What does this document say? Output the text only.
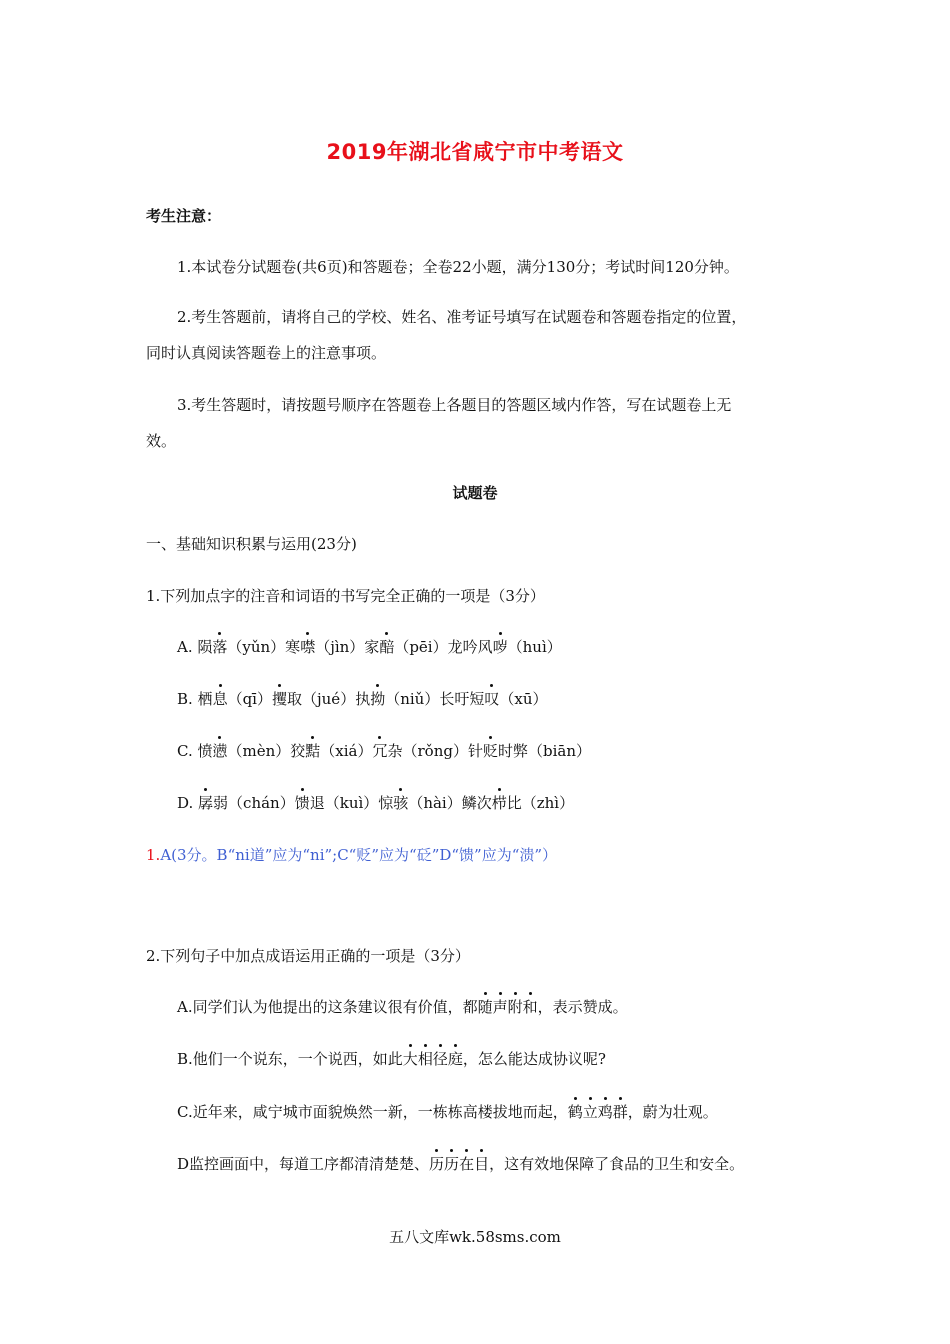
2019年湖北省咸宁市中考语文
考生注意：
1.本试卷分试题卷(共6页)和答题卷；全卷22小题，满分130分；考试时间120分钟。
2.考生答题前，请将自己的学校、姓名、准考证号填写在试题卷和答题卷指定的位置，
同时认真阅读答题卷上的注意事项。
3.考生答题时，请按题号顺序在答题卷上各题目的答题区域内作答，写在试题卷上无
效。
试题卷
一、基础知识积累与运用(23分)
1.下列加点字的注音和词语的书写完全正确的一项是（3分）
A. 陨落（yǔn）寒噤（jìn）家醅（pēi）龙吟风哕（huì）
B. 栖息（qī）攫取（jué）执拗（niǔ）长吁短叹（xū）
C. 愤懑（mèn）狡黠（xiá）冗杂（rǒng）针贬时弊（biān）
D. 孱弱（chán）馈退（kuì）惊骇（hài）鳞次栉比（zhì）
1.A(3分。B“ni道”应为“ni”;C“贬”应为“砭”D“馈”应为“溃”）
2.下列句子中加点成语运用正确的一项是（3分）
A.同学们认为他提出的这条建议很有价值，都随声附和，表示赞成。
B.他们一个说东，一个说西，如此大相径庭，怎么能达成协议呢?
C.近年来，咸宁城市面貌焕然一新，一栋栋高楼拔地而起，鹤立鸡群，蔚为壮观。
D监控画面中，每道工序都清清楚楚、历历在目，这有效地保障了食品的卫生和安全。
五八文库wk.58sms.com
